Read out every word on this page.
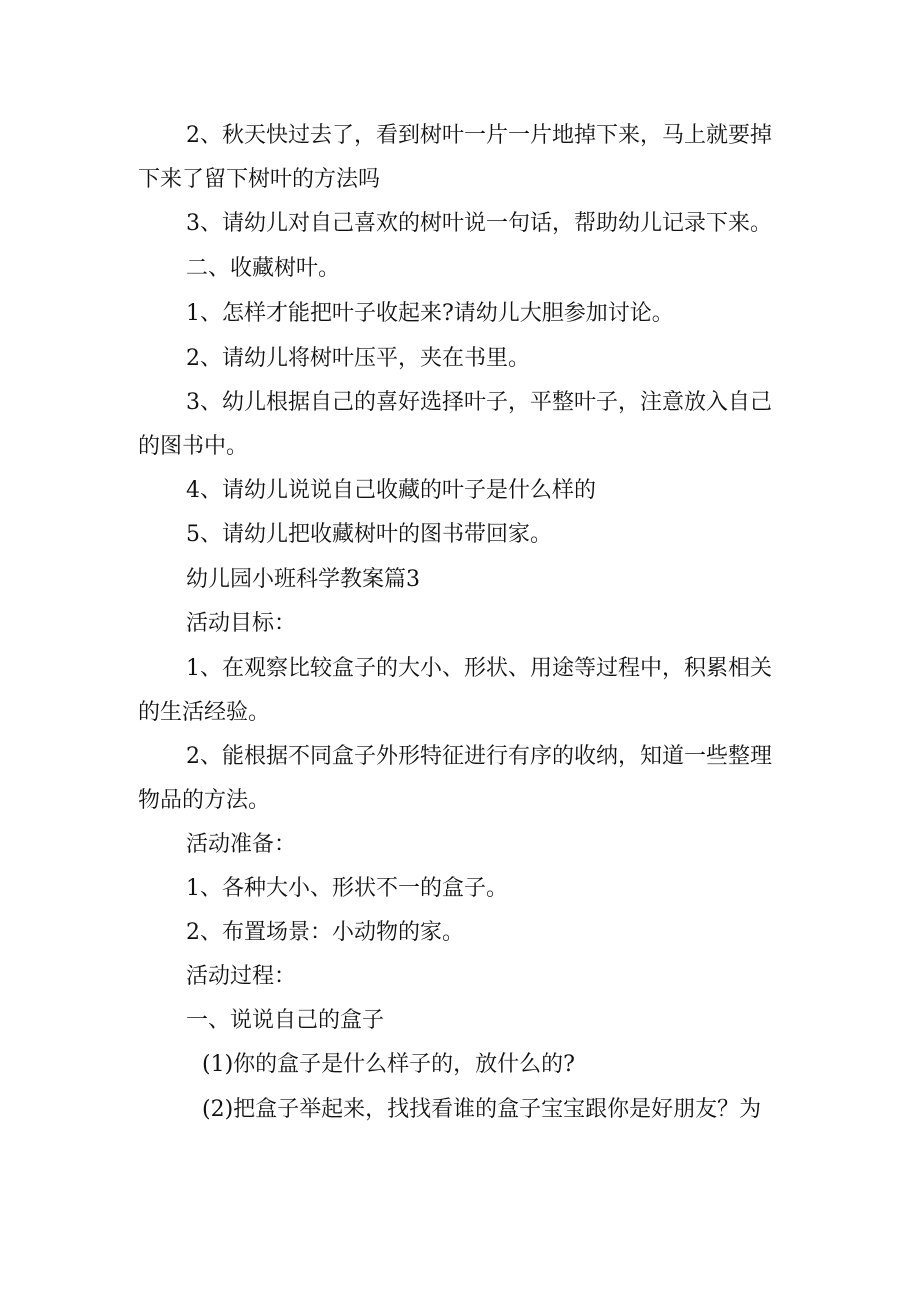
2、秋天快过去了，看到树叶一片一片地掉下来，马上就要掉下来了留下树叶的方法吗
3、请幼儿对自己喜欢的树叶说一句话，帮助幼儿记录下来。
二、收藏树叶。
1、怎样才能把叶子收起来?请幼儿大胆参加讨论。
2、请幼儿将树叶压平，夹在书里。
3、幼儿根据自己的喜好选择叶子，平整叶子，注意放入自己的图书中。
4、请幼儿说说自己收藏的叶子是什么样的
5、请幼儿把收藏树叶的图书带回家。
幼儿园小班科学教案篇3
活动目标：
1、在观察比较盒子的大小、形状、用途等过程中，积累相关的生活经验。
2、能根据不同盒子外形特征进行有序的收纳，知道一些整理物品的方法。
活动准备：
1、各种大小、形状不一的盒子。
2、布置场景：小动物的家。
活动过程：
一、说说自己的盒子
(1)你的盒子是什么样子的，放什么的?
(2)把盒子举起来，找找看谁的盒子宝宝跟你是好朋友？为
